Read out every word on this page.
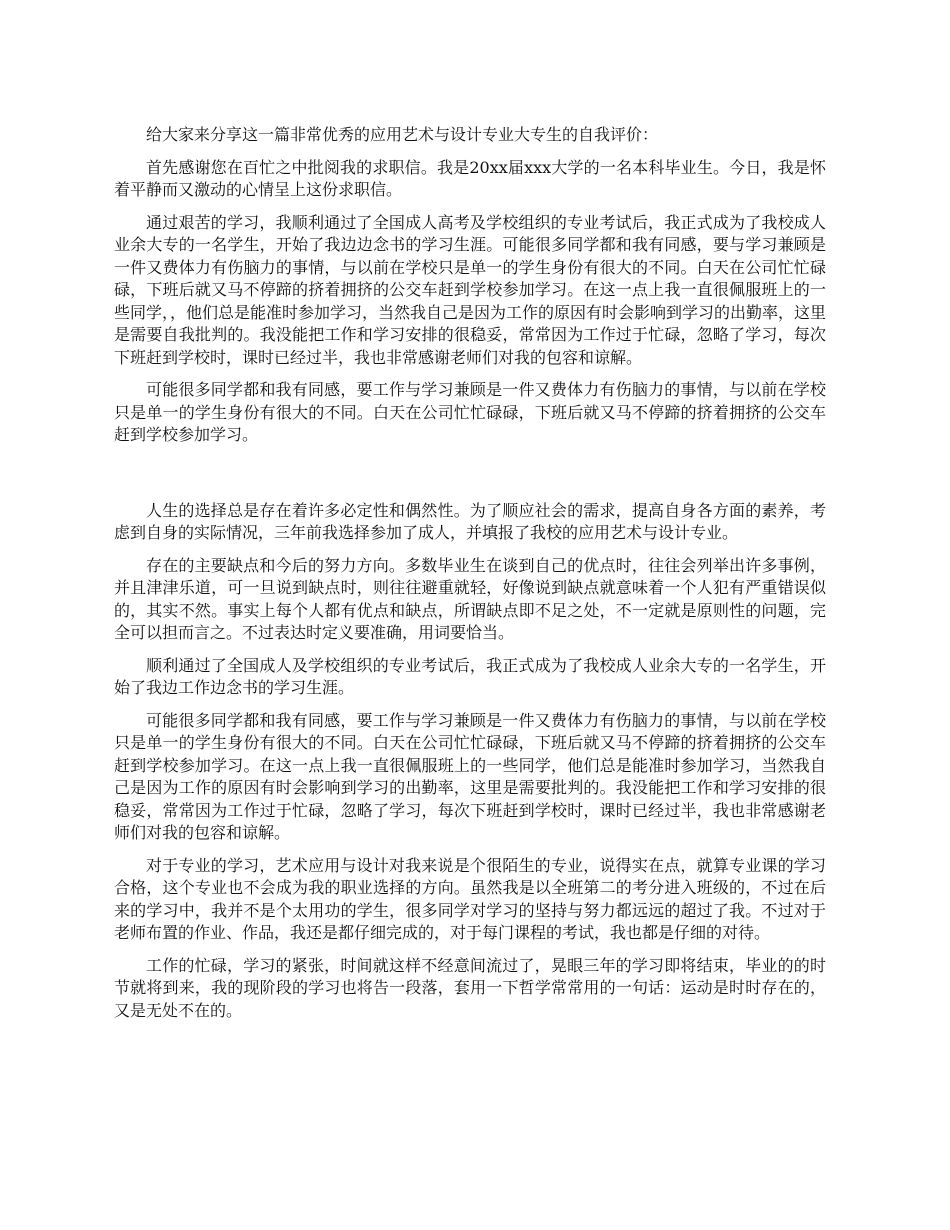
给大家来分享这一篇非常优秀的应用艺术与设计专业大专生的自我评价：

首先感谢您在百忙之中批阅我的求职信。我是20xx届xxx大学的一名本科毕业生。今日，我是怀着平静而又激动的心情呈上这份求职信。

通过艰苦的学习，我顺利通过了全国成人高考及学校组织的专业考试后，我正式成为了我校成人业余大专的一名学生，开始了我边边念书的学习生涯。可能很多同学都和我有同感，要与学习兼顾是一件又费体力有伤脑力的事情，与以前在学校只是单一的学生身份有很大的不同。白天在公司忙忙碌碌，下班后就又马不停蹄的挤着拥挤的公交车赶到学校参加学习。在这一点上我一直很佩服班上的一些同学，，他们总是能准时参加学习，当然我自己是因为工作的原因有时会影响到学习的出勤率，这里是需要自我批判的。我没能把工作和学习安排的很稳妥，常常因为工作过于忙碌，忽略了学习，每次下班赶到学校时，课时已经过半，我也非常感谢老师们对我的包容和谅解。

可能很多同学都和我有同感，要工作与学习兼顾是一件又费体力有伤脑力的事情，与以前在学校只是单一的学生身份有很大的不同。白天在公司忙忙碌碌，下班后就又马不停蹄的挤着拥挤的公交车赶到学校参加学习。

人生的选择总是存在着许多必定性和偶然性。为了顺应社会的需求，提高自身各方面的素养，考虑到自身的实际情况，三年前我选择参加了成人，并填报了我校的应用艺术与设计专业。

存在的主要缺点和今后的努力方向。多数毕业生在谈到自己的优点时，往往会列举出许多事例，并且津津乐道，可一旦说到缺点时，则往往避重就轻，好像说到缺点就意味着一个人犯有严重错误似的，其实不然。事实上每个人都有优点和缺点，所谓缺点即不足之处，不一定就是原则性的问题，完全可以担而言之。不过表达时定义要准确，用词要恰当。

顺利通过了全国成人及学校组织的专业考试后，我正式成为了我校成人业余大专的一名学生，开始了我边工作边念书的学习生涯。

可能很多同学都和我有同感，要工作与学习兼顾是一件又费体力有伤脑力的事情，与以前在学校只是单一的学生身份有很大的不同。白天在公司忙忙碌碌，下班后就又马不停蹄的挤着拥挤的公交车赶到学校参加学习。在这一点上我一直很佩服班上的一些同学，他们总是能准时参加学习，当然我自己是因为工作的原因有时会影响到学习的出勤率，这里是需要批判的。我没能把工作和学习安排的很稳妥，常常因为工作过于忙碌，忽略了学习，每次下班赶到学校时，课时已经过半，我也非常感谢老师们对我的包容和谅解。

对于专业的学习，艺术应用与设计对我来说是个很陌生的专业，说得实在点，就算专业课的学习合格，这个专业也不会成为我的职业选择的方向。虽然我是以全班第二的考分进入班级的，不过在后来的学习中，我并不是个太用功的学生，很多同学对学习的坚持与努力都远远的超过了我。不过对于老师布置的作业、作品，我还是都仔细完成的，对于每门课程的考试，我也都是仔细的对待。

工作的忙碌，学习的紧张，时间就这样不经意间流过了，晃眼三年的学习即将结束，毕业的的时节就将到来，我的现阶段的学习也将告一段落，套用一下哲学常常用的一句话：运动是时时存在的，又是无处不在的。
